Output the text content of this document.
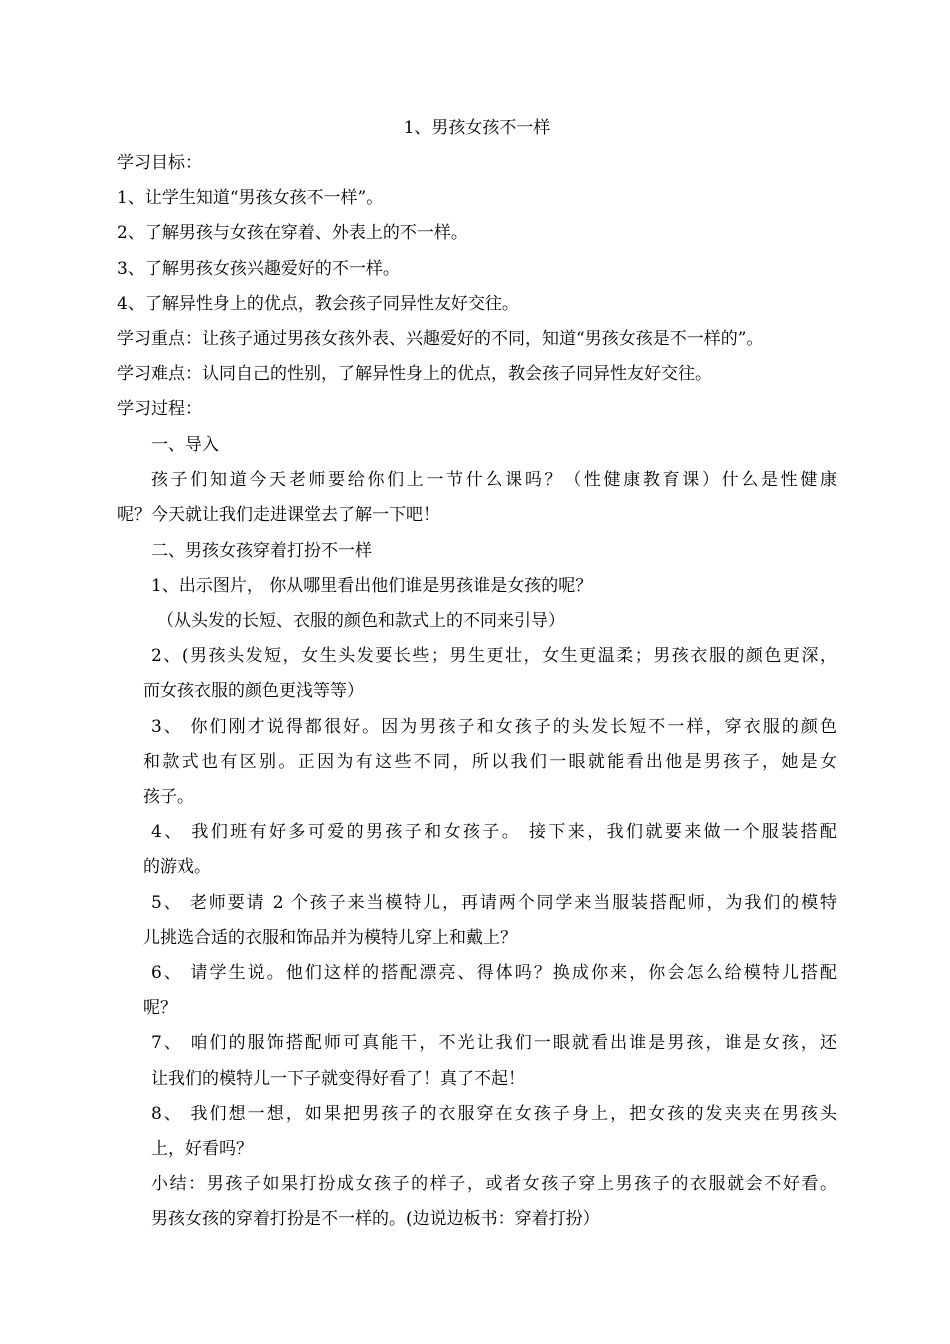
1、男孩女孩不一样
学习目标：
1、让学生知道“男孩女孩不一样”。
2、了解男孩与女孩在穿着、外表上的不一样。
3、了解男孩女孩兴趣爱好的不一样。
4、了解异性身上的优点，教会孩子同异性友好交往。
学习重点：让孩子通过男孩女孩外表、兴趣爱好的不同，知道“男孩女孩是不一样的”。
学习难点：认同自己的性别，了解异性身上的优点，教会孩子同异性友好交往。
学习过程：
一、导入
孩子们知道今天老师要给你们上一节什么课吗？（性健康教育课）什么是性健康
呢？今天就让我们走进课堂去了解一下吧！
二、男孩女孩穿着打扮不一样
1、出示图片， 你从哪里看出他们谁是男孩谁是女孩的呢？
（从头发的长短、衣服的颜色和款式上的不同来引导）
2、(男孩头发短，女生头发要长些；男生更壮，女生更温柔；男孩衣服的颜色更深，
而女孩衣服的颜色更浅等等）
3、 你们刚才说得都很好。因为男孩子和女孩子的头发长短不一样，穿衣服的颜色
和款式也有区别。正因为有这些不同，所以我们一眼就能看出他是男孩子，她是女
孩子。
4、 我们班有好多可爱的男孩子和女孩子。 接下来，我们就要来做一个服装搭配
的游戏。
5、 老师要请 2 个孩子来当模特儿，再请两个同学来当服装搭配师，为我们的模特
儿挑选合适的衣服和饰品并为模特儿穿上和戴上？
6、 请学生说。他们这样的搭配漂亮、得体吗？换成你来，你会怎么给模特儿搭配
呢？
7、 咱们的服饰搭配师可真能干，不光让我们一眼就看出谁是男孩，谁是女孩，还
让我们的模特儿一下子就变得好看了！真了不起！
8、 我们想一想，如果把男孩子的衣服穿在女孩子身上，把女孩的发夹夹在男孩头
上，好看吗？
小结：男孩子如果打扮成女孩子的样子，或者女孩子穿上男孩子的衣服就会不好看。
男孩女孩的穿着打扮是不一样的。(边说边板书：穿着打扮）
